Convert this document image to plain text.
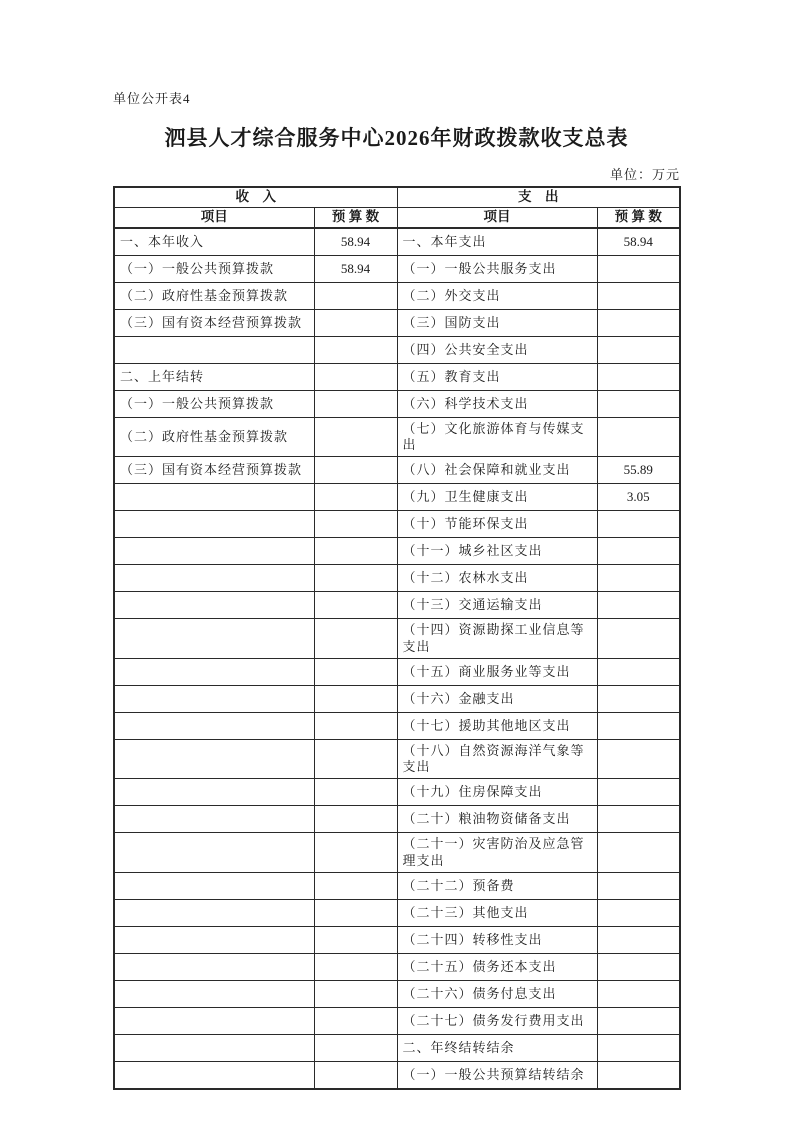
单位公开表4
泗县人才综合服务中心2026年财政拨款收支总表
单位：万元
收　入		支　出	
项目	预 算 数	项目	预 算 数
一、本年收入	58.94	一、本年支出	58.94
（一）一般公共预算拨款	58.94	（一）一般公共服务支出	
（二）政府性基金预算拨款		（二）外交支出	
（三）国有资本经营预算拨款		（三）国防支出	
		（四）公共安全支出	
二、上年结转		（五）教育支出	
（一）一般公共预算拨款		（六）科学技术支出	
（二）政府性基金预算拨款		（七）文化旅游体育与传媒支出	
（三）国有资本经营预算拨款		（八）社会保障和就业支出	55.89
		（九）卫生健康支出	3.05
		（十）节能环保支出	
		（十一）城乡社区支出	
		（十二）农林水支出	
		（十三）交通运输支出	
		（十四）资源勘探工业信息等支出	
		（十五）商业服务业等支出	
		（十六）金融支出	
		（十七）援助其他地区支出	
		（十八）自然资源海洋气象等支出	
		（十九）住房保障支出	
		（二十）粮油物资储备支出	
		（二十一）灾害防治及应急管理支出	
		（二十二）预备费	
		（二十三）其他支出	
		（二十四）转移性支出	
		（二十五）债务还本支出	
		（二十六）债务付息支出	
		（二十七）债务发行费用支出	
		二、年终结转结余	
		（一）一般公共预算结转结余	
